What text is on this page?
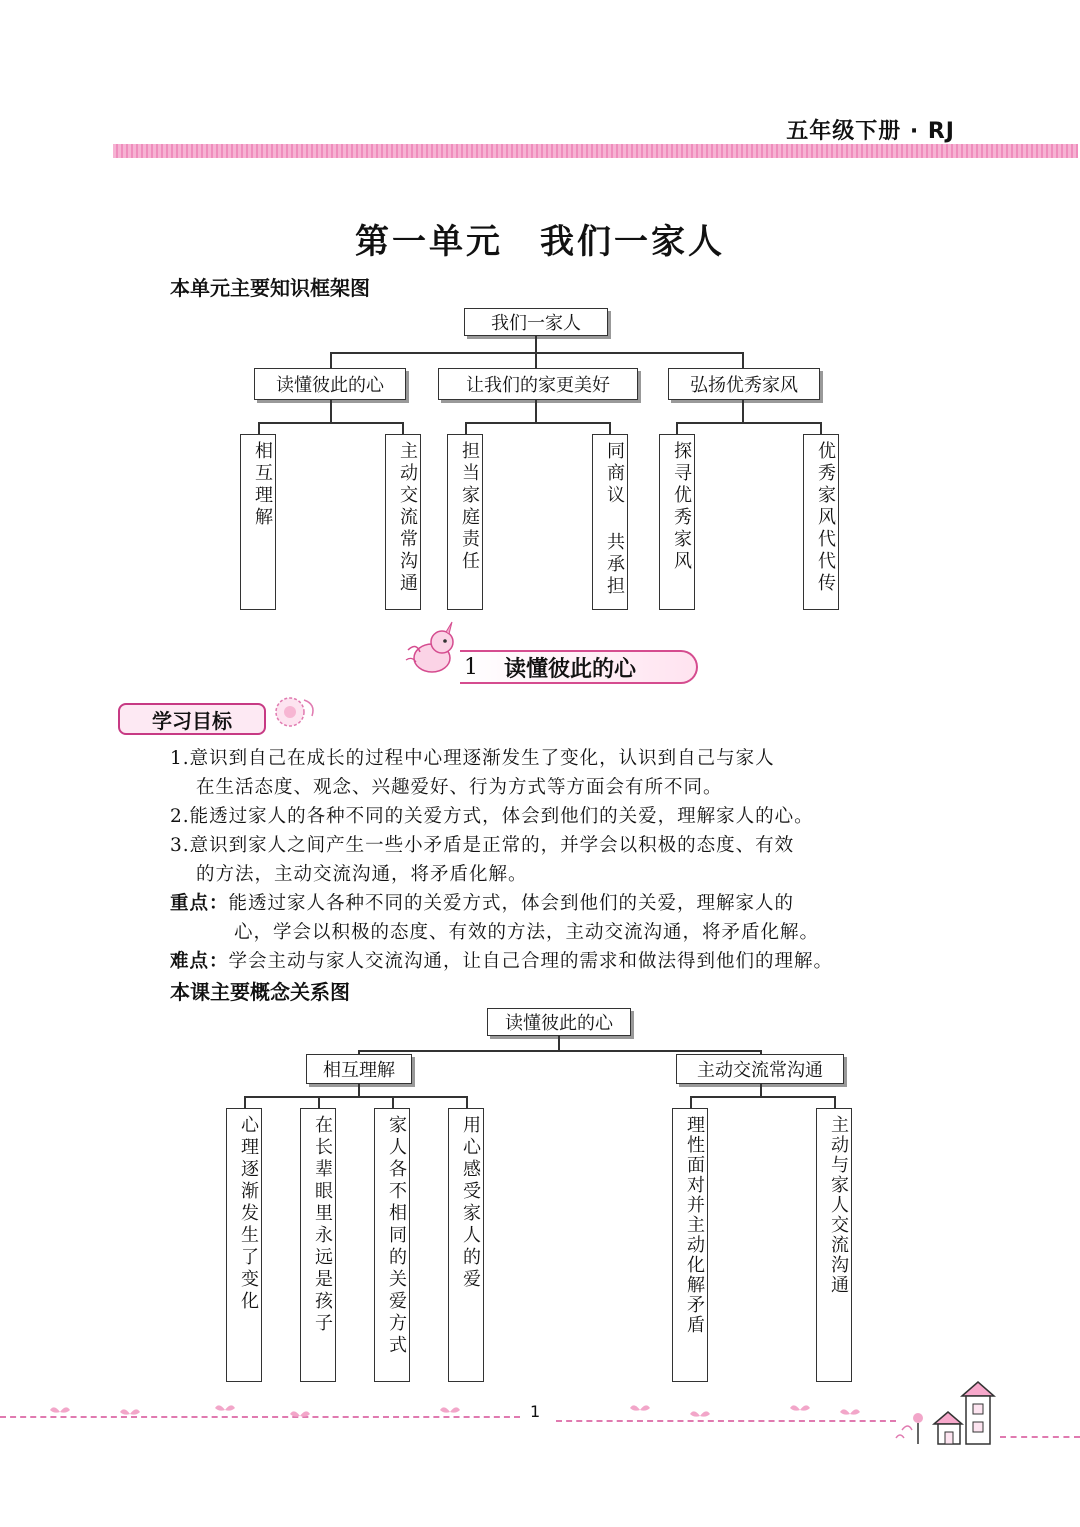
五年级下册 · RJ
第一单元　我们一家人
本单元主要知识框架图
我们一家人
读懂彼此的心	让我们的家更美好	弘扬优秀家风
相互理解	主动交流常沟通	担当家庭责任	同商议 共承担	探寻优秀家风	优秀家风代代传
1	读懂彼此的心
学习目标
1.意识到自己在成长的过程中心理逐渐发生了变化，认识到自己与家人
在生活态度、观念、兴趣爱好、行为方式等方面会有所不同。
2.能透过家人的各种不同的关爱方式，体会到他们的关爱，理解家人的心。
3.意识到家人之间产生一些小矛盾是正常的，并学会以积极的态度、有效
的方法，主动交流沟通，将矛盾化解。
重点：能透过家人各种不同的关爱方式，体会到他们的关爱，理解家人的
心，学会以积极的态度、有效的方法，主动交流沟通，将矛盾化解。
难点：学会主动与家人交流沟通，让自己合理的需求和做法得到他们的理解。
本课主要概念关系图
读懂彼此的心
相互理解	主动交流常沟通
心理逐渐发生了变化	在长辈眼里永远是孩子	家人各不相同的关爱方式	用心感受家人的爱	理性面对并主动化解矛盾	主动与家人交流沟通
1
